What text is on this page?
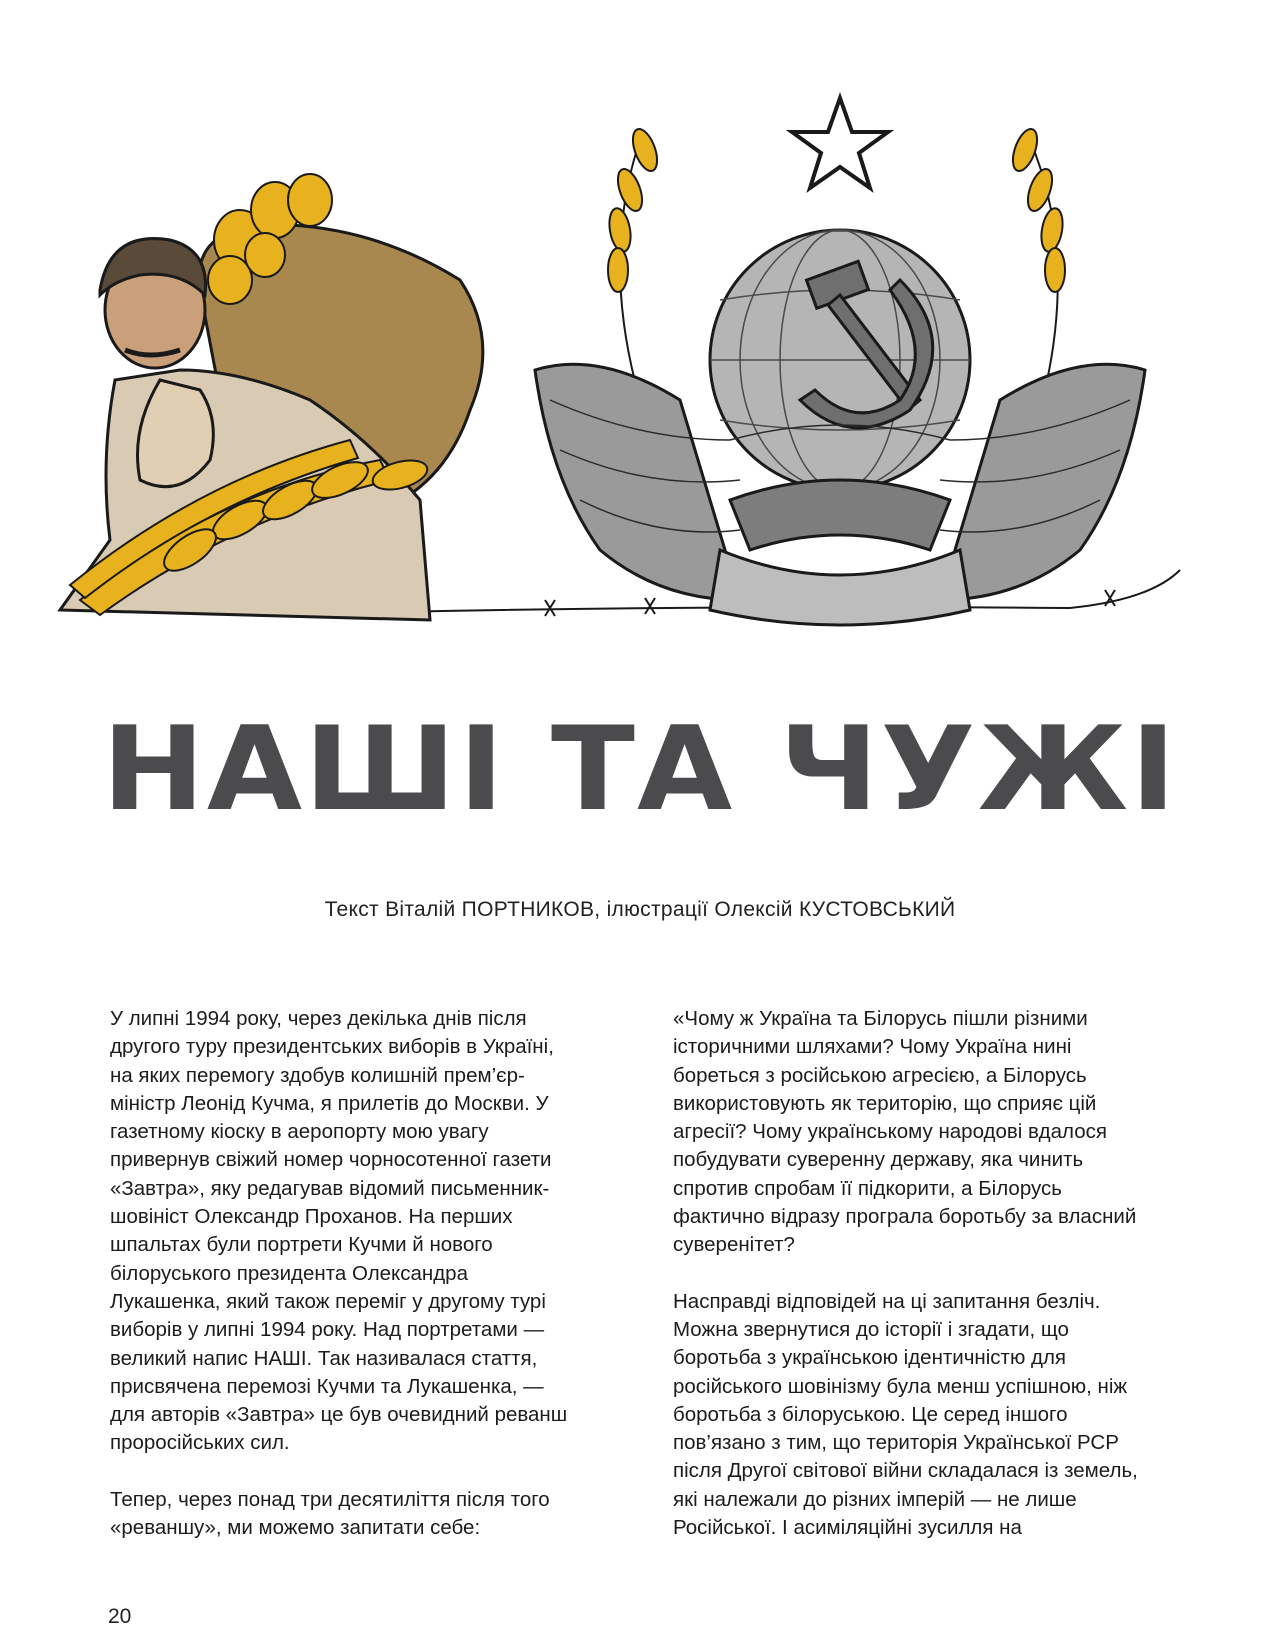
НАШІ ТА ЧУЖІ
Текст Віталій ПОРТНИКОВ, ілюстрації Олексій КУСТОВСЬКИЙ

У липні 1994 року, через декілька днів після другого туру президентських виборів в Україні, на яких перемогу здобув колишній прем’єр-міністр Леонід Кучма, я прилетів до Москви. У газетному кіоску в аеропорту мою увагу привернув свіжий номер чорносотенної газети «Завтра», яку редагував відомий письменник-шовініст Олександр Проханов. На перших шпальтах були портрети Кучми й нового білоруського президента Олександра Лукашенка, який також переміг у другому турі виборів у липні 1994 року. Над портретами — великий напис НАШІ. Так називалася стаття, присвячена перемозі Кучми та Лукашенка, — для авторів «Завтра» це був очевидний реванш проросійських сил.

Тепер, через понад три десятиліття після того «реваншу», ми можемо запитати себе:

«Чому ж Україна та Білорусь пішли різними історичними шляхами? Чому Україна нині бореться з російською агресією, а Білорусь використовують як територію, що сприяє цій агресії? Чому українському народові вдалося побудувати суверенну державу, яка чинить спротив спробам її підкорити, а Білорусь фактично відразу програла боротьбу за власний суверенітет?

Насправді відповідей на ці запитання безліч. Можна звернутися до історії і згадати, що боротьба з українською ідентичністю для російського шовінізму була менш успішною, ніж боротьба з білоруською. Це серед іншого пов’язано з тим, що територія Української РСР після Другої світової війни складалася із земель, які належали до різних імперій — не лише Російської. І асиміляційні зусилля на

20
